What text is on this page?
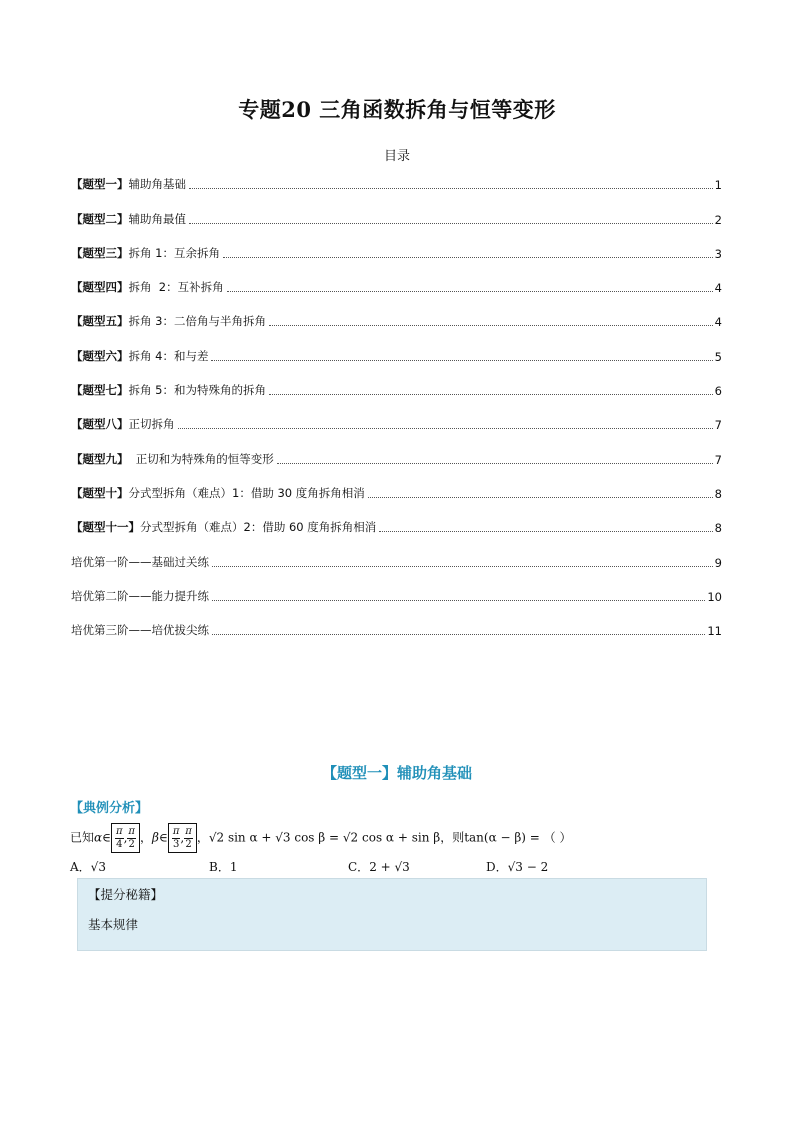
专题20 三角函数拆角与恒等变形
目录
【题型一】辅助角基础	1
【题型二】辅助角最值	2
【题型三】拆角 1：互余拆角	3
【题型四】拆角  2：互补拆角	4
【题型五】拆角 3：二倍角与半角拆角	4
【题型六】拆角 4：和与差	5
【题型七】拆角 5：和为特殊角的拆角	6
【题型八】正切拆角	7
【题型九】  正切和为特殊角的恒等变形	7
【题型十】分式型拆角（难点）1：借助 30 度角拆角相消	8
【题型十一】分式型拆角（难点）2：借助 60 度角拆角相消	8
培优第一阶——基础过关练	9
培优第二阶——能力提升练	10
培优第三阶——培优拔尖练	11
【题型一】辅助角基础
【典例分析】
已知α∈ $\frac{\pi}{4}$ , $\frac{\pi}{2}$ ，β∈ $\frac{\pi}{3}$ , $\frac{\pi}{2}$ ，√2 sin α + √3 cos β = √2 cos α + sin β，则tan(α − β) = （ ）
A．√3	B．1	C．2 + √3	D．√3 − 2
【提分秘籍】
基本规律
